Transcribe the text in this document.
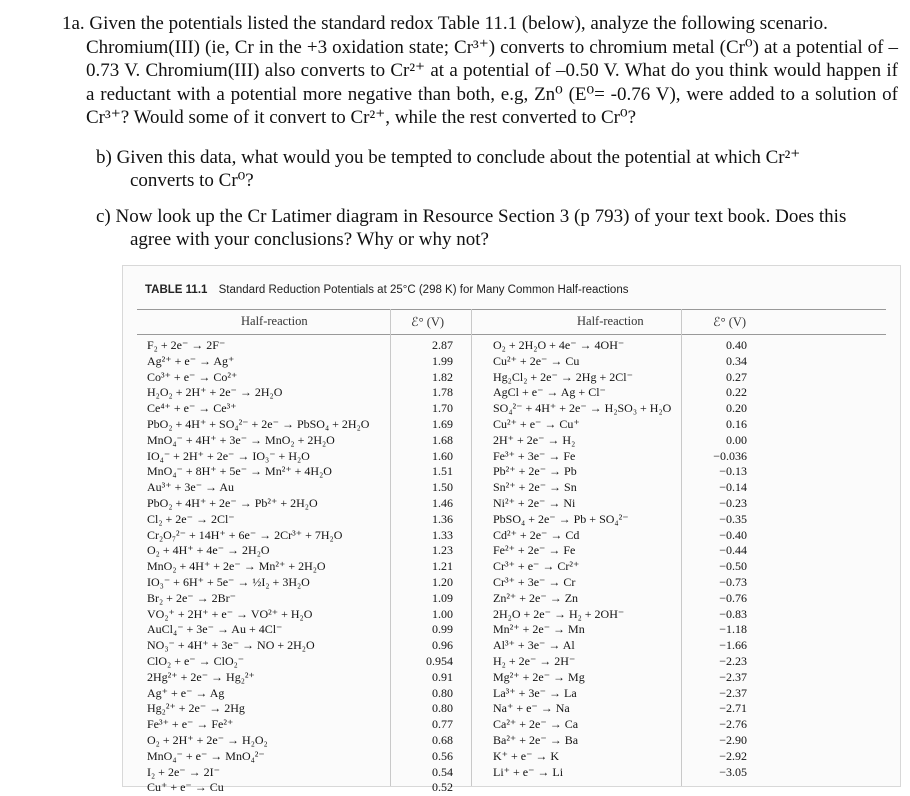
1a. Given the potentials listed the standard redox Table 11.1 (below), analyze the following scenario.
Chromium(III) (ie, Cr in the +3 oxidation state; Cr³⁺) converts to chromium metal (Cr⁰) at a potential of –0.73 V. Chromium(III) also converts to Cr²⁺ at a potential of –0.50 V. What do you think would happen if a reductant with a potential more negative than both, e.g, Zn⁰ (E⁰= -0.76 V), were added to a solution of Cr³⁺? Would some of it convert to Cr²⁺, while the rest converted to Cr⁰?
b) Given this data, what would you be tempted to conclude about the potential at which Cr²⁺
converts to Cr⁰?
c) Now look up the Cr Latimer diagram in Resource Section 3 (p 793) of your text book. Does this
agree with your conclusions? Why or why not?
TABLE 11.1 Standard Reduction Potentials at 25°C (298 K) for Many Common Half-reactions
Half-reaction	ℰ° (V)	Half-reaction	ℰ° (V)
F₂ + 2e⁻ → 2F⁻	2.87	O₂ + 2H₂O + 4e⁻ → 4OH⁻	0.40
Ag²⁺ + e⁻ → Ag⁺	1.99	Cu²⁺ + 2e⁻ → Cu	0.34
Co³⁺ + e⁻ → Co²⁺	1.82	Hg₂Cl₂ + 2e⁻ → 2Hg + 2Cl⁻	0.27
H₂O₂ + 2H⁺ + 2e⁻ → 2H₂O	1.78	AgCl + e⁻ → Ag + Cl⁻	0.22
Ce⁴⁺ + e⁻ → Ce³⁺	1.70	SO₄²⁻ + 4H⁺ + 2e⁻ → H₂SO₃ + H₂O	0.20
PbO₂ + 4H⁺ + SO₄²⁻ + 2e⁻ → PbSO₄ + 2H₂O	1.69	Cu²⁺ + e⁻ → Cu⁺	0.16
MnO₄⁻ + 4H⁺ + 3e⁻ → MnO₂ + 2H₂O	1.68	2H⁺ + 2e⁻ → H₂	0.00
IO₄⁻ + 2H⁺ + 2e⁻ → IO₃⁻ + H₂O	1.60	Fe³⁺ + 3e⁻ → Fe	−0.036
MnO₄⁻ + 8H⁺ + 5e⁻ → Mn²⁺ + 4H₂O	1.51	Pb²⁺ + 2e⁻ → Pb	−0.13
Au³⁺ + 3e⁻ → Au	1.50	Sn²⁺ + 2e⁻ → Sn	−0.14
PbO₂ + 4H⁺ + 2e⁻ → Pb²⁺ + 2H₂O	1.46	Ni²⁺ + 2e⁻ → Ni	−0.23
Cl₂ + 2e⁻ → 2Cl⁻	1.36	PbSO₄ + 2e⁻ → Pb + SO₄²⁻	−0.35
Cr₂O₇²⁻ + 14H⁺ + 6e⁻ → 2Cr³⁺ + 7H₂O	1.33	Cd²⁺ + 2e⁻ → Cd	−0.40
O₂ + 4H⁺ + 4e⁻ → 2H₂O	1.23	Fe²⁺ + 2e⁻ → Fe	−0.44
MnO₂ + 4H⁺ + 2e⁻ → Mn²⁺ + 2H₂O	1.21	Cr³⁺ + e⁻ → Cr²⁺	−0.50
IO₃⁻ + 6H⁺ + 5e⁻ → ½I₂ + 3H₂O	1.20	Cr³⁺ + 3e⁻ → Cr	−0.73
Br₂ + 2e⁻ → 2Br⁻	1.09	Zn²⁺ + 2e⁻ → Zn	−0.76
VO₂⁺ + 2H⁺ + e⁻ → VO²⁺ + H₂O	1.00	2H₂O + 2e⁻ → H₂ + 2OH⁻	−0.83
AuCl₄⁻ + 3e⁻ → Au + 4Cl⁻	0.99	Mn²⁺ + 2e⁻ → Mn	−1.18
NO₃⁻ + 4H⁺ + 3e⁻ → NO + 2H₂O	0.96	Al³⁺ + 3e⁻ → Al	−1.66
ClO₂ + e⁻ → ClO₂⁻	0.954	H₂ + 2e⁻ → 2H⁻	−2.23
2Hg²⁺ + 2e⁻ → Hg₂²⁺	0.91	Mg²⁺ + 2e⁻ → Mg	−2.37
Ag⁺ + e⁻ → Ag	0.80	La³⁺ + 3e⁻ → La	−2.37
Hg₂²⁺ + 2e⁻ → 2Hg	0.80	Na⁺ + e⁻ → Na	−2.71
Fe³⁺ + e⁻ → Fe²⁺	0.77	Ca²⁺ + 2e⁻ → Ca	−2.76
O₂ + 2H⁺ + 2e⁻ → H₂O₂	0.68	Ba²⁺ + 2e⁻ → Ba	−2.90
MnO₄⁻ + e⁻ → MnO₄²⁻	0.56	K⁺ + e⁻ → K	−2.92
I₂ + 2e⁻ → 2I⁻	0.54	Li⁺ + e⁻ → Li	−3.05
Cu⁺ + e⁻ → Cu	0.52
